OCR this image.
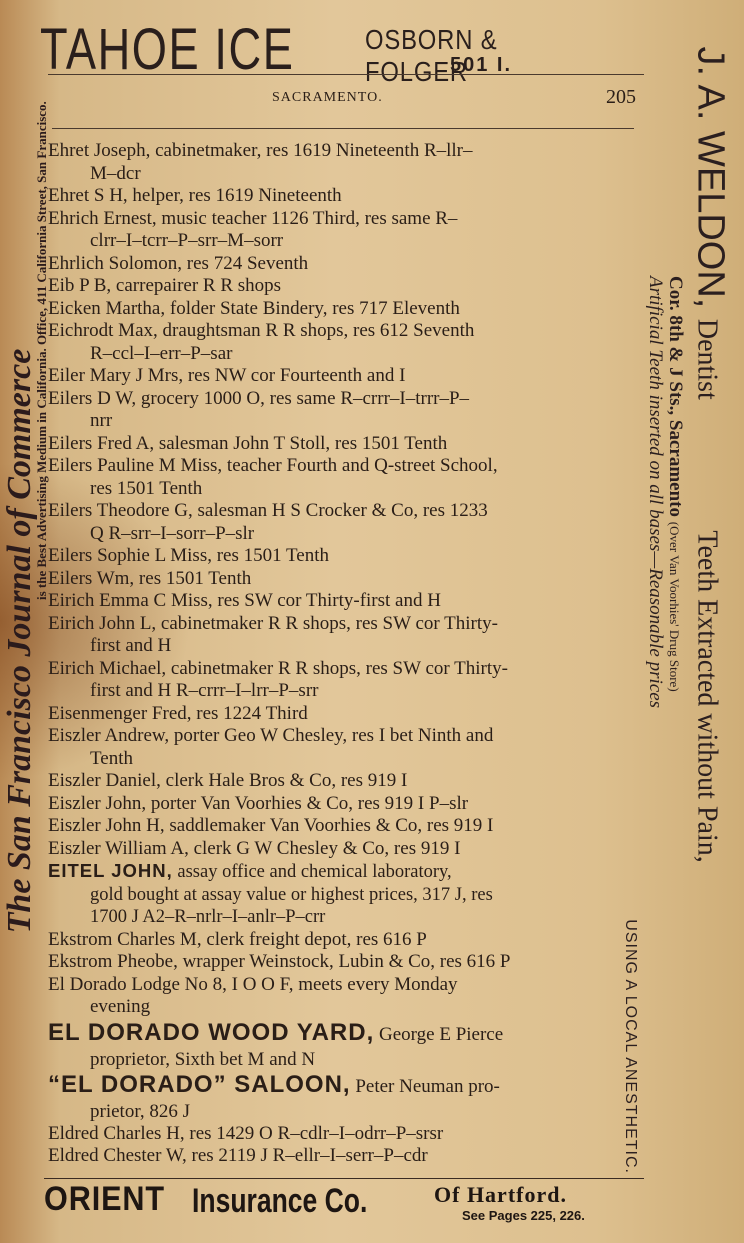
TAHOE ICE	OSBORN & FOLGER
501 I.
SACRAMENTO.	205
The San Francisco Journal of Commerce
is the Best Advertising Medium in California. Office, 411 California Street, San Francisco.	J. A. WELDON, Dentist Teeth Extracted without Pain,
Cor. 8th & J Sts., Sacramento (Over Van Voorhies' Drug Store)
Artificial Teeth inserted on all bases—Reasonable prices
USING A LOCAL ANESTHETIC.
Ehret Joseph, cabinetmaker, res 1619 Nineteenth R–llr–
M–dcr
Ehret S H, helper, res 1619 Nineteenth
Ehrich Ernest, music teacher 1126 Third, res same R–
clrr–I–tcrr–P–srr–M–sorr
Ehrlich Solomon, res 724 Seventh
Eib P B, carrepairer R R shops
Eicken Martha, folder State Bindery, res 717 Eleventh
Eichrodt Max, draughtsman R R shops, res 612 Seventh
R–ccl–I–err–P–sar
Eiler Mary J Mrs, res NW cor Fourteenth and I
Eilers D W, grocery 1000 O, res same R–crrr–I–trrr–P–
nrr
Eilers Fred A, salesman John T Stoll, res 1501 Tenth
Eilers Pauline M Miss, teacher Fourth and Q-street School,
res 1501 Tenth
Eilers Theodore G, salesman H S Crocker & Co, res 1233
Q R–srr–I–sorr–P–slr
Eilers Sophie L Miss, res 1501 Tenth
Eilers Wm, res 1501 Tenth
Eirich Emma C Miss, res SW cor Thirty-first and H
Eirich John L, cabinetmaker R R shops, res SW cor Thirty-
first and H
Eirich Michael, cabinetmaker R R shops, res SW cor Thirty-
first and H R–crrr–I–lrr–P–srr
Eisenmenger Fred, res 1224 Third
Eiszler Andrew, porter Geo W Chesley, res I bet Ninth and
Tenth
Eiszler Daniel, clerk Hale Bros & Co, res 919 I
Eiszler John, porter Van Voorhies & Co, res 919 I P–slr
Eiszler John H, saddlemaker Van Voorhies & Co, res 919 I
Eiszler William A, clerk G W Chesley & Co, res 919 I
EITEL JOHN, assay office and chemical laboratory,
gold bought at assay value or highest prices, 317 J, res
1700 J A2–R–nrlr–I–anlr–P–crr
Ekstrom Charles M, clerk freight depot, res 616 P
Ekstrom Pheobe, wrapper Weinstock, Lubin & Co, res 616 P
El Dorado Lodge No 8, I O O F, meets every Monday
evening
EL DORADO WOOD YARD, George E Pierce
proprietor, Sixth bet M and N
“EL DORADO” SALOON, Peter Neuman pro-
prietor, 826 J
Eldred Charles H, res 1429 O R–cdlr–I–odrr–P–srsr
Eldred Chester W, res 2119 J R–ellr–I–serr–P–cdr
ORIENT Insurance Co.	Of Hartford.
See Pages 225, 226.
